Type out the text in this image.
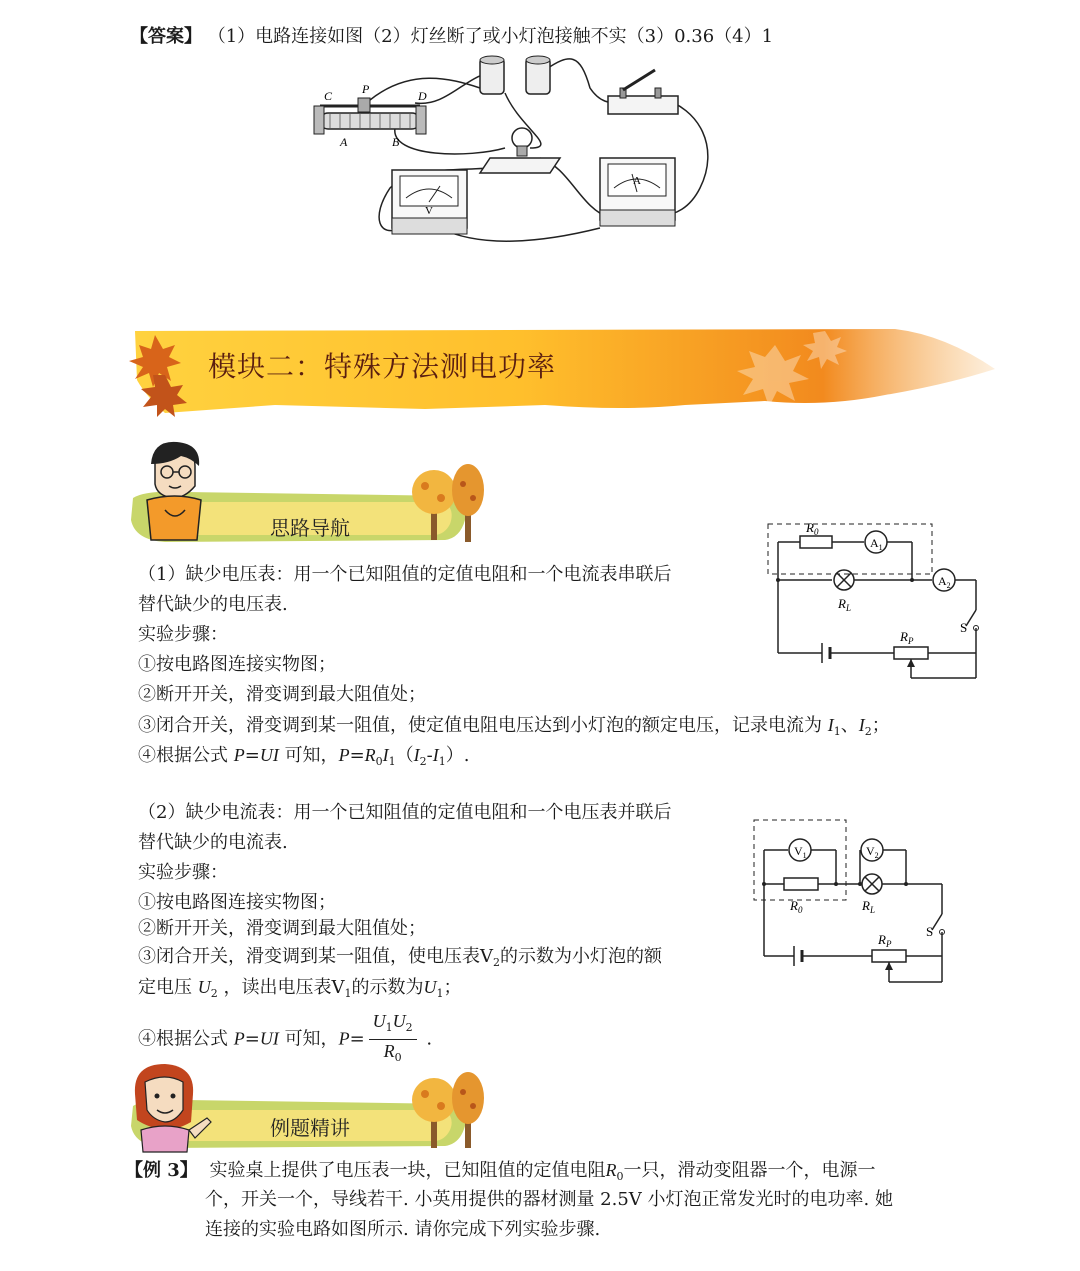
【答案】 （1）电路连接如图（2）灯丝断了或小灯泡接触不实（3）0.36（4）1
C P	D
A	B
V
A
模块二：特殊方法测电功率
思路导航	$R_0$
$A_1$
$A_2$
$R_L$
S
$R_P$
（1）缺少电压表：用一个已知阻值的定值电阻和一个电流表串联后
替代缺少的电压表.
实验步骤：
①按电路图连接实物图；
②断开开关，滑变调到最大阻值处；
③闭合开关，滑变调到某一阻值，使定值电阻电压达到小灯泡的额定电压，记录电流为 $I_1$、$I_2$；
④根据公式 P=UI 可知，$P=R_0I_1(I_2-I_1)$.
$V_1$	$V_2$
$R_0$	$R_L$
S
$R_P$
（2）缺少电流表：用一个已知阻值的定值电阻和一个电压表并联后
替代缺少的电流表.
实验步骤：
①按电路图连接实物图；
②断开开关，滑变调到最大阻值处；
③闭合开关，滑变调到某一阻值，使电压表$V_2$的示数为小灯泡的额
定电压 $U_2$ ，读出电压表$V_1$的示数为$U_1$；
④根据公式 P=UI 可知，$P= \frac{U_1U_2}{R_0}$ .
例题精讲
【例 3】 实验桌上提供了电压表一块，已知阻值的定值电阻$R_0$一只，滑动变阻器一个，电源一
个，开关一个，导线若干. 小英用提供的器材测量 2.5V 小灯泡正常发光时的电功率. 她
连接的实验电路如图所示. 请你完成下列实验步骤.
